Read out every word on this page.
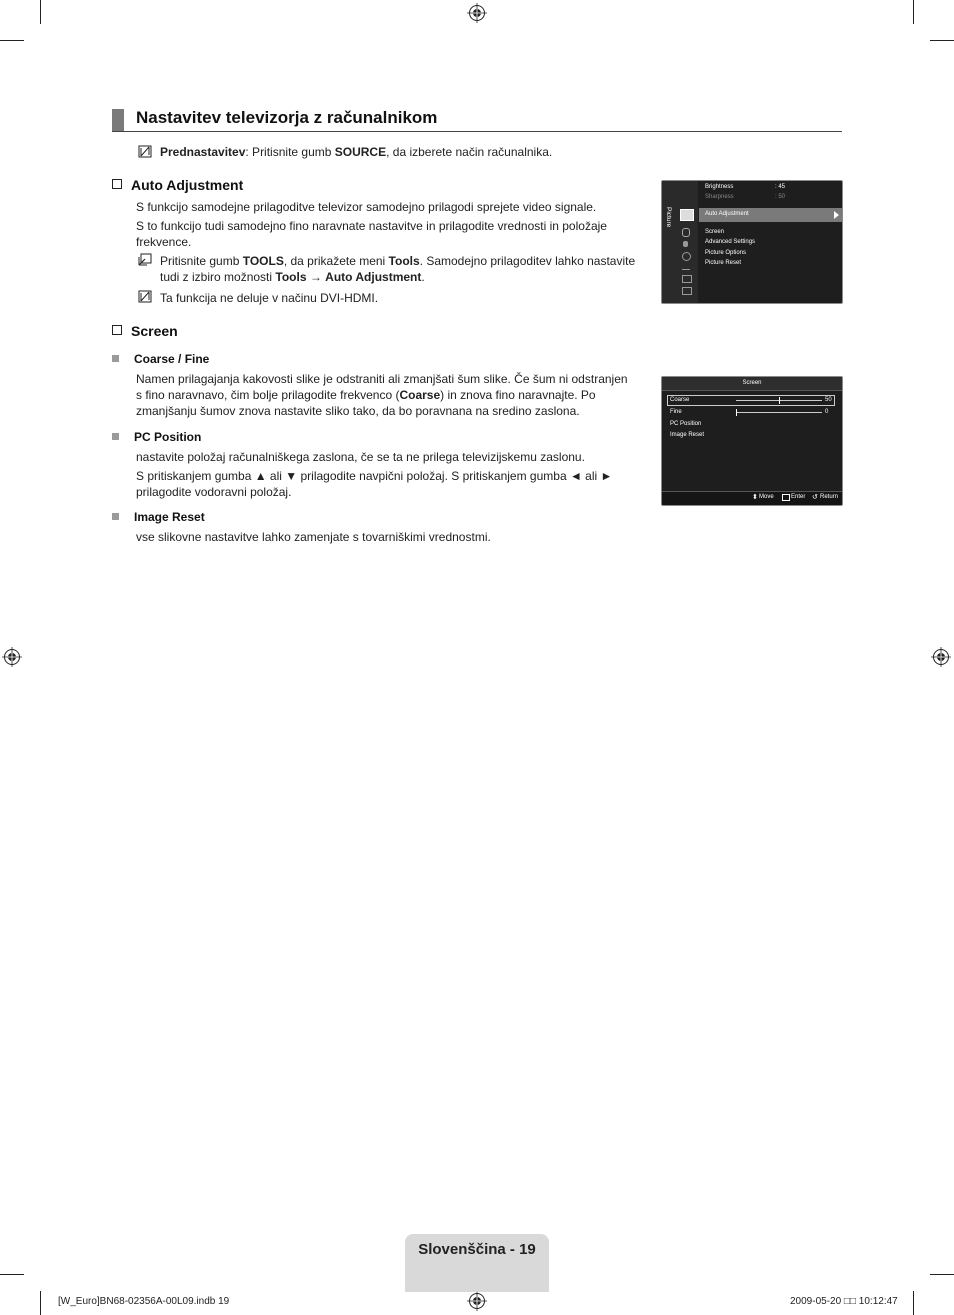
Nastavitev televizorja z računalnikom
Prednastavitev: Pritisnite gumb SOURCE, da izberete način računalnika.
Auto Adjustment

S funkcijo samodejne prilagoditve televizor samodejno prilagodi sprejete video signale.

S to funkcijo tudi samodejno fino naravnate nastavitve in prilagodite vrednosti in položaje

frekvence.

Pritisnite gumb TOOLS, da prikažete meni Tools. Samodejno prilagoditev lahko nastavite

tudi z izbiro možnosti Tools → Auto Adjustment.

Ta funkcija ne deluje v načinu DVI-HDMI.
Picture
Brightness	: 45
Sharpness	: 50
Auto Adjustment
Screen
Advanced Settings
Picture Options
Picture Reset
Screen
Coarse / Fine

Namen prilagajanja kakovosti slike je odstraniti ali zmanjšati šum slike. Če šum ni odstranjen

s fino naravnavo, čim bolje prilagodite frekvenco (Coarse) in znova fino naravnajte. Po

zmanjšanju šumov znova nastavite sliko tako, da bo poravnana na sredino zaslona.

PC Position

nastavite položaj računalniškega zaslona, če se ta ne prilega televizijskemu zaslonu.

S pritiskanjem gumba ▲ ali ▼ prilagodite navpični položaj. S pritiskanjem gumba ◄ ali ►

prilagodite vodoravni položaj.

Image Reset
vse slikovne nastavitve lahko zamenjate s tovarniškimi vrednostmi.
Screen
Coarse	50
Fine	0
PC Position
Image Reset
⬍ Move	Enter ↺ Return
Slovenščina - 19
[W_Euro]BN68-02356A-00L09.indb 19	2009-05-20 □□ 10:12:47
